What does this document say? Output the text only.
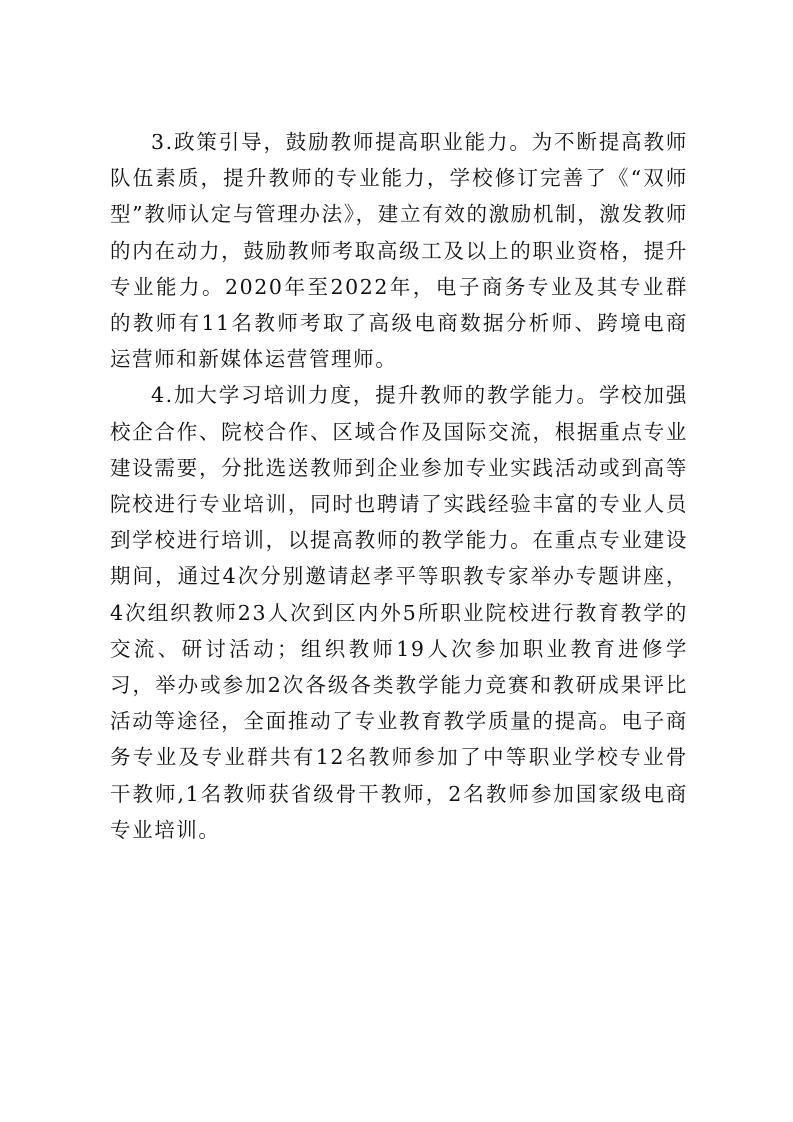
3.政策引导，鼓励教师提高职业能力。为不断提高教师队伍素质，提升教师的专业能力，学校修订完善了《“双师型”教师认定与管理办法》，建立有效的激励机制，激发教师的内在动力，鼓励教师考取高级工及以上的职业资格，提升专业能力。2020年至2022年，电子商务专业及其专业群的教师有11名教师考取了高级电商数据分析师、跨境电商运营师和新媒体运营管理师。

4.加大学习培训力度，提升教师的教学能力。学校加强校企合作、院校合作、区域合作及国际交流，根据重点专业建设需要，分批选送教师到企业参加专业实践活动或到高等院校进行专业培训，同时也聘请了实践经验丰富的专业人员到学校进行培训，以提高教师的教学能力。在重点专业建设期间，通过4次分别邀请赵孝平等职教专家举办专题讲座，4次组织教师23人次到区内外5所职业院校进行教育教学的交流、研讨活动；组织教师19人次参加职业教育进修学习，举办或参加2次各级各类教学能力竞赛和教研成果评比活动等途径，全面推动了专业教育教学质量的提高。电子商务专业及专业群共有12名教师参加了中等职业学校专业骨干教师,1名教师获省级骨干教师，2名教师参加国家级电商专业培训。
